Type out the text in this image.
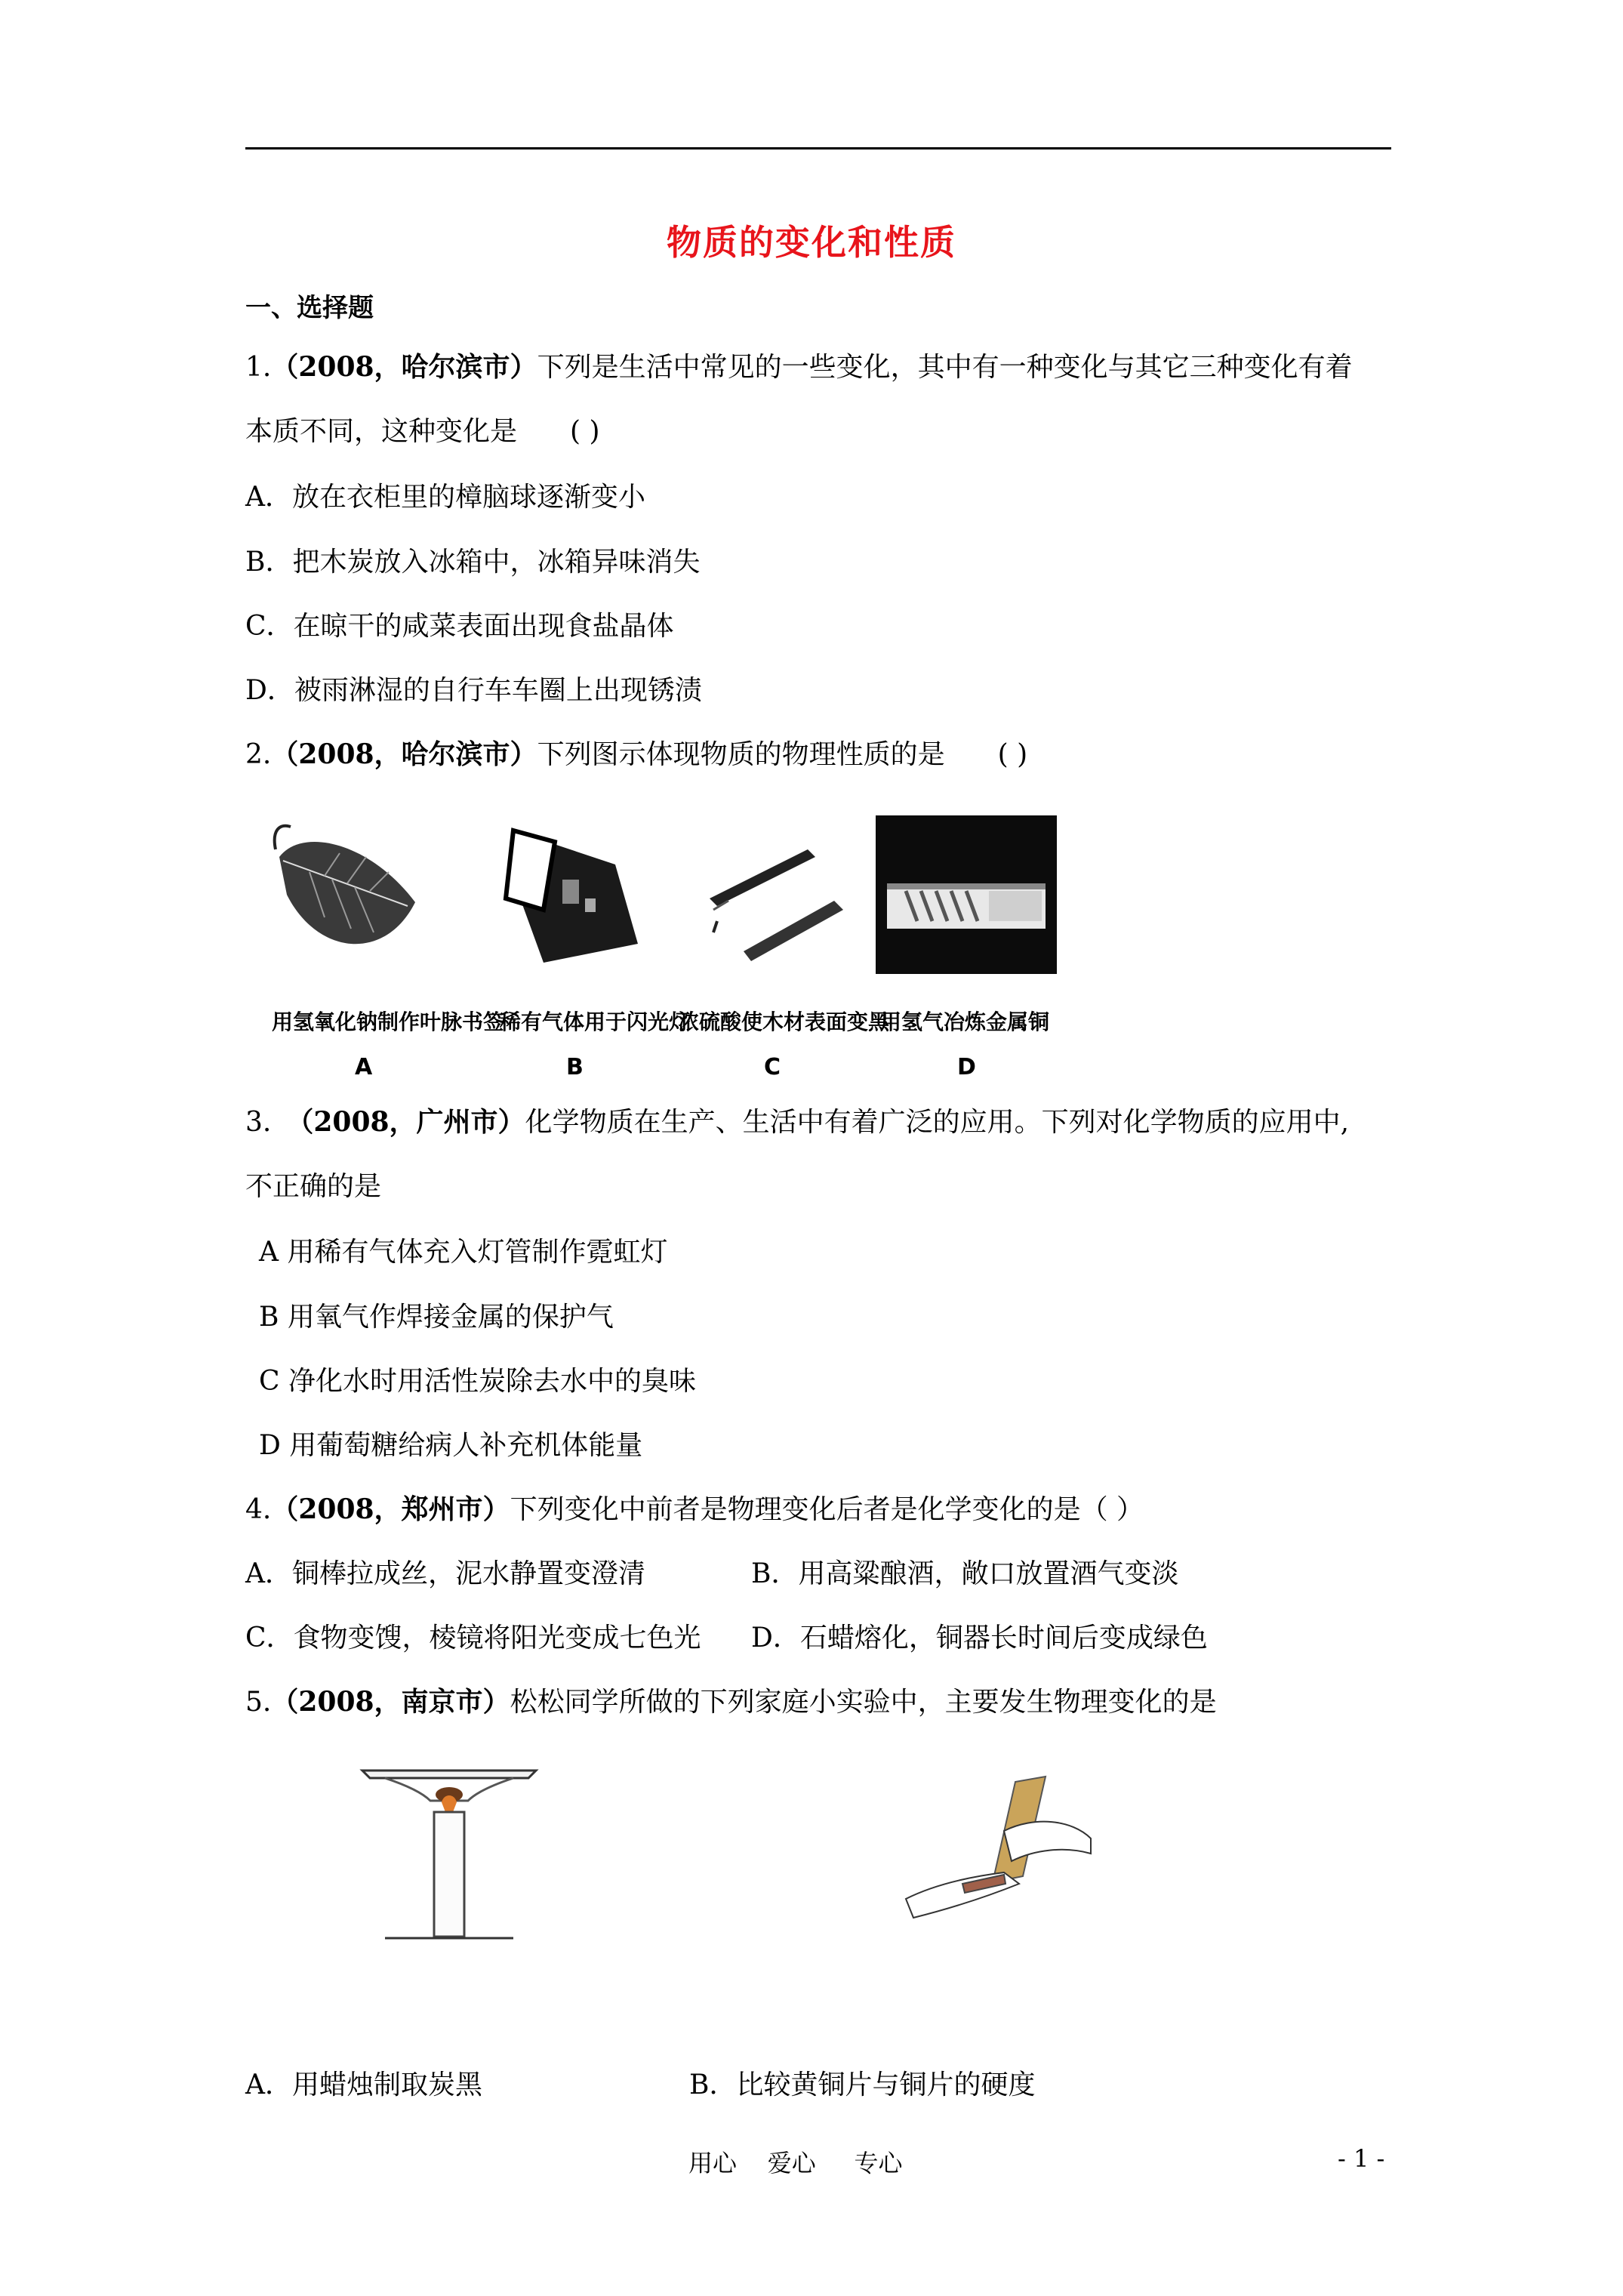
物质的变化和性质
一、选择题
1.（2008，哈尔滨市）下列是生活中常见的一些变化，其中有一种变化与其它三种变化有着
本质不同，这种变化是 ( )
A．放在衣柜里的樟脑球逐渐变小
B．把木炭放入冰箱中，冰箱异味消失
C．在晾干的咸菜表面出现食盐晶体
D．被雨淋湿的自行车车圈上出现锈渍
2.（2008，哈尔滨市）下列图示体现物质的物理性质的是 ( )
用氢氧化钠制作叶脉书签
稀有气体用于闪光灯
浓硫酸使木材表面变黑
用氢气冶炼金属铜
A	B	C	D
3. （2008，广州市）化学物质在生产、生活中有着广泛的应用。下列对化学物质的应用中,
不正确的是
A 用稀有气体充入灯管制作霓虹灯
B 用氧气作焊接金属的保护气
C 净化水时用活性炭除去水中的臭味
D 用葡萄糖给病人补充机体能量
4.（2008，郑州市）下列变化中前者是物理变化后者是化学变化的是（ ）
A．铜棒拉成丝，泥水静置变澄清	B．用高粱酿酒，敞口放置酒气变淡
C．食物变馊，棱镜将阳光变成七色光 D．石蜡熔化，铜器长时间后变成绿色
5.（2008，南京市）松松同学所做的下列家庭小实验中，主要发生物理变化的是
A．用蜡烛制取炭黑	B．比较黄铜片与铜片的硬度
用心    爱心     专心	- 1 -
